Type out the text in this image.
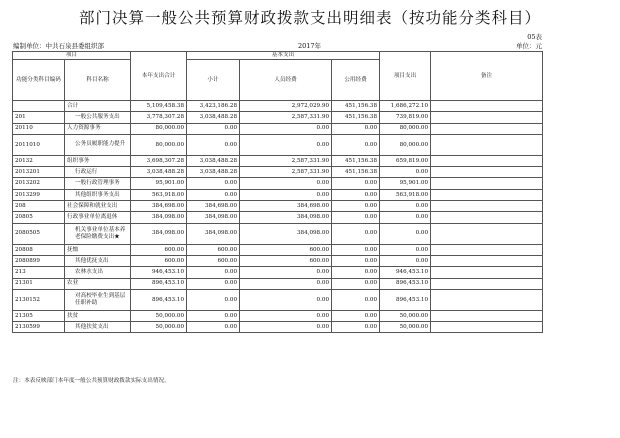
部门决算一般公共预算财政拨款支出明细表（按功能分类科目）
05表
编制单位：中共石泉县委组织部	2017年	单位：元
项目		本年支出合计	基本支出			项目支出	备注
功能分类科目编码	科目名称		小计	人员经费	公用经费		
	合计	5,109,458.38	3,423,186.28	2,972,029.90	451,156.38	1,686,272.10	
201	一般公共服务支出	3,778,307.28	3,038,488.28	2,587,331.90	451,156.38	739,819.00	
20110	人力资源事务	80,000.00	0.00	0.00	0.00	80,000.00	
2011010	公务员履职能力提升	80,000.00	0.00	0.00	0.00	80,000.00	
20132	组织事务	3,698,307.28	3,038,488.28	2,587,331.90	451,156.38	659,819.00	
2013201	行政运行	3,038,488.28	3,038,488.28	2,587,331.90	451,156.38	0.00	
2013202	一般行政管理事务	95,901.00	0.00	0.00	0.00	95,901.00	
2013299	其他组织事务支出	563,918.00	0.00	0.00	0.00	563,918.00	
208	社会保障和就业支出	384,698.00	384,698.00	384,698.00	0.00	0.00	
20805	行政事业单位离退休	384,098.00	384,098.00	384,098.00	0.00	0.00	
2080505	机关事业单位基本养老保险缴费支出★	384,098.00	384,098.00	384,098.00	0.00	0.00	
20808	抚恤	600.00	600.00	600.00	0.00	0.00	
2080899	其他优抚支出	600.00	600.00	600.00	0.00	0.00	
213	农林水支出	946,453.10	0.00	0.00	0.00	946,453.10	
21301	农业	896,453.10	0.00	0.00	0.00	896,453.10	
2130152	对高校毕业生到基层任职补助	896,453.10	0.00	0.00	0.00	896,453.10	
21305	扶贫	50,000.00	0.00	0.00	0.00	50,000.00	
2130599	其他扶贫支出	50,000.00	0.00	0.00	0.00	50,000.00	
注：本表反映部门本年度一般公共预算财政拨款实际支出情况。
